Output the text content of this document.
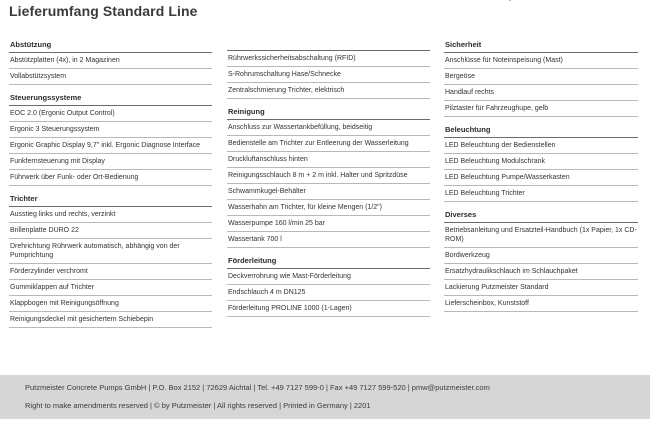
Lieferumfang Standard Line
Abstützung
Abstützplatten (4x), in 2 Magazinen
Vollabstützsystem
Steuerungssysteme
EOC 2.0 (Ergonic Output Control)
Ergonic 3 Steuerungssystem
Ergonic Graphic Display 9,7" inkl. Ergonic Diagnose Interface
Funkfernsteuerung mit Display
Führwerk über Funk- oder Ort-Bedienung
Trichter
Ausstieg links und rechts, verzinkt
Brillenplatte DURO 22
Drehrichtung Rührwerk automatisch, abhängig von der Pumprichtung
Förderzylinder verchromt
Gummiklappen auf Trichter
Klappbogen mit Reinigungsöffnung
Reinigungsdeckel mit gesichertem Schiebepin
Rührwerkssicherheitsabschaltung (RFID)
S-Rohrumschaltung Hase/Schnecke
Zentralschmierung Trichter, elektrisch
Reinigung
Anschluss zur Wassertankbefüllung, beidseitig
Bedienstelle am Trichter zur Entleerung der Wasserleitung
Druckluftanschluss hinten
Reinigungsschlauch 8 m + 2 m inkl. Halter und Spritzdüse
Schwammkugel-Behälter
Wasserhahn am Trichter, für kleine Mengen (1/2")
Wasserpumpe 160 l/min 25 bar
Wassertank 700 l
Förderleitung
Deckverrohrung wie Mast-Förderleitung
Endschlauch 4 m DN125
Förderleitung PROLINE 1000 (1-Lagen)
Sicherheit
Anschlüsse für Noteinspeisung (Mast)
Bergeöse
Handlauf rechts
Pilztaster für Fahrzeughupe, gelb
Beleuchtung
LED Beleuchtung der Bedienstellen
LED Beleuchtung Modulschrank
LED Beleuchtung Pumpe/Wasserkasten
LED Beleuchtung Trichter
Diverses
Betriebsanleitung und Ersatzteil-Handbuch (1x Papier, 1x CD-ROM)
Bordwerkzeug
Ersatzhydraulikschlauch im Schlauchpaket
Lackierung Putzmeister Standard
Lieferscheinbox, Kunststoff
Putzmeister Concrete Pumps GmbH | P.O. Box 2152 | 72629 Aichtal | Tel. +49 7127 599-0 | Fax +49 7127 599-520 | pmw@putzmeister.com
Right to make amendments reserved | © by Putzmeister | All rights reserved | Printed in Germany | 2201
